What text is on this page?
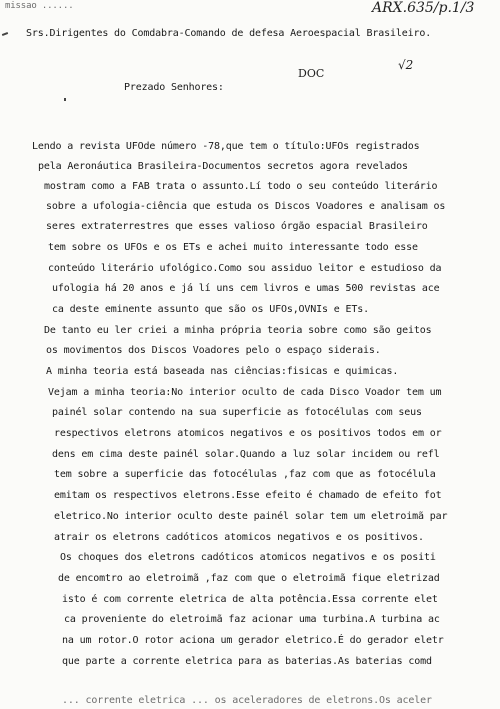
missao ......	ARX.635/p.1/3
Srs.Dirigentes do Comdabra-Comando de defesa Aeroespacial Brasileiro.
Prezado Senhores:
DOC
√2
Lendo a revista UFOde número -78,que tem o título:UFOs registrados
pela Aeronáutica Brasileira-Documentos secretos agora revelados
mostram como a FAB trata o assunto.Lí todo o seu conteúdo literário
sobre a ufologia-ciência que estuda os Discos Voadores e analisam os
seres extraterrestres que esses valioso órgão espacial Brasileiro
tem sobre os UFOs e os ETs e achei muito interessante todo esse
conteúdo literário ufológico.Como sou assiduo leitor e estudioso da
ufologia há 20 anos e já lí uns cem livros e umas 500 revistas ace
ca deste eminente assunto que são os UFOs,OVNIs e ETs.
De tanto eu ler criei a minha própria teoria sobre como são geitos
os movimentos dos Discos Voadores pelo o espaço siderais.
A minha teoria está baseada nas ciências:fisicas e quimicas.
Vejam a minha teoria:No interior oculto de cada Disco Voador tem um
painél solar contendo na sua superficie as fotocélulas com seus
respectivos eletrons atomicos negativos e os positivos todos em or
dens em cima deste painél solar.Quando a luz solar incidem ou refl
tem sobre a superficie das fotocélulas ,faz com que as fotocélula
emitam os respectivos eletrons.Esse efeito é chamado de efeito fot
eletrico.No interior oculto deste painél solar tem um eletroimã par
atrair os eletrons cadóticos atomicos negativos e os positivos.
Os choques dos eletrons cadóticos atomicos negativos e os positi
de encomtro ao eletroimã ,faz com que o eletroimã fique eletrizad
isto é com corrente eletrica de alta potência.Essa corrente elet
ca proveniente do eletroimã faz acionar uma turbina.A turbina ac
na um rotor.O rotor aciona um gerador eletrico.É do gerador eletr
que parte a corrente eletrica para as baterias.As baterias comd
... corrente eletrica ... os aceleradores de eletrons.Os aceler
